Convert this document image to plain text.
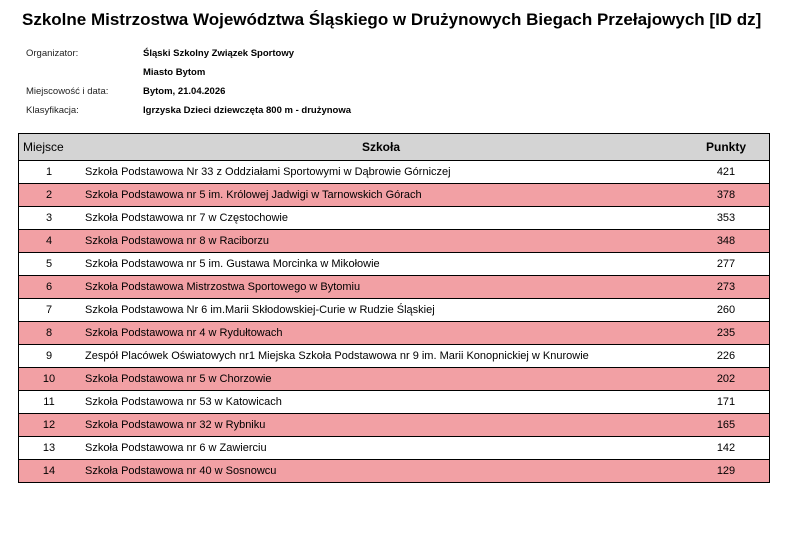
Szkolne Mistrzostwa Województwa Śląskiego w Drużynowych Biegach Przełajowych [ID dz]
Organizator:	Śląski Szkolny Związek Sportowy
Miasto Bytom
Miejscowość i data:	Bytom, 21.04.2026
Klasyfikacja:	Igrzyska Dzieci dziewczęta 800 m - drużynowa
Miejsce	Szkoła	Punkty
1	Szkoła Podstawowa Nr 33 z Oddziałami Sportowymi w Dąbrowie Górniczej	421
2	Szkoła Podstawowa nr 5 im. Królowej Jadwigi w Tarnowskich Górach	378
3	Szkoła Podstawowa nr 7 w Częstochowie	353
4	Szkoła Podstawowa nr 8 w Raciborzu	348
5	Szkoła Podstawowa nr 5 im. Gustawa Morcinka w Mikołowie	277
6	Szkoła Podstawowa Mistrzostwa Sportowego w Bytomiu	273
7	Szkoła Podstawowa Nr 6 im.Marii Skłodowskiej-Curie w Rudzie Śląskiej	260
8	Szkoła Podstawowa nr 4 w Rydułtowach	235
9	Zespół Placówek Oświatowych nr1 Miejska Szkoła Podstawowa nr 9 im. Marii Konopnickiej w Knurowie	226
10	Szkoła Podstawowa nr 5 w Chorzowie	202
11	Szkoła Podstawowa nr 53 w Katowicach	171
12	Szkoła Podstawowa nr 32 w Rybniku	165
13	Szkoła Podstawowa nr 6 w Zawierciu	142
14	Szkoła Podstawowa nr 40 w Sosnowcu	129
